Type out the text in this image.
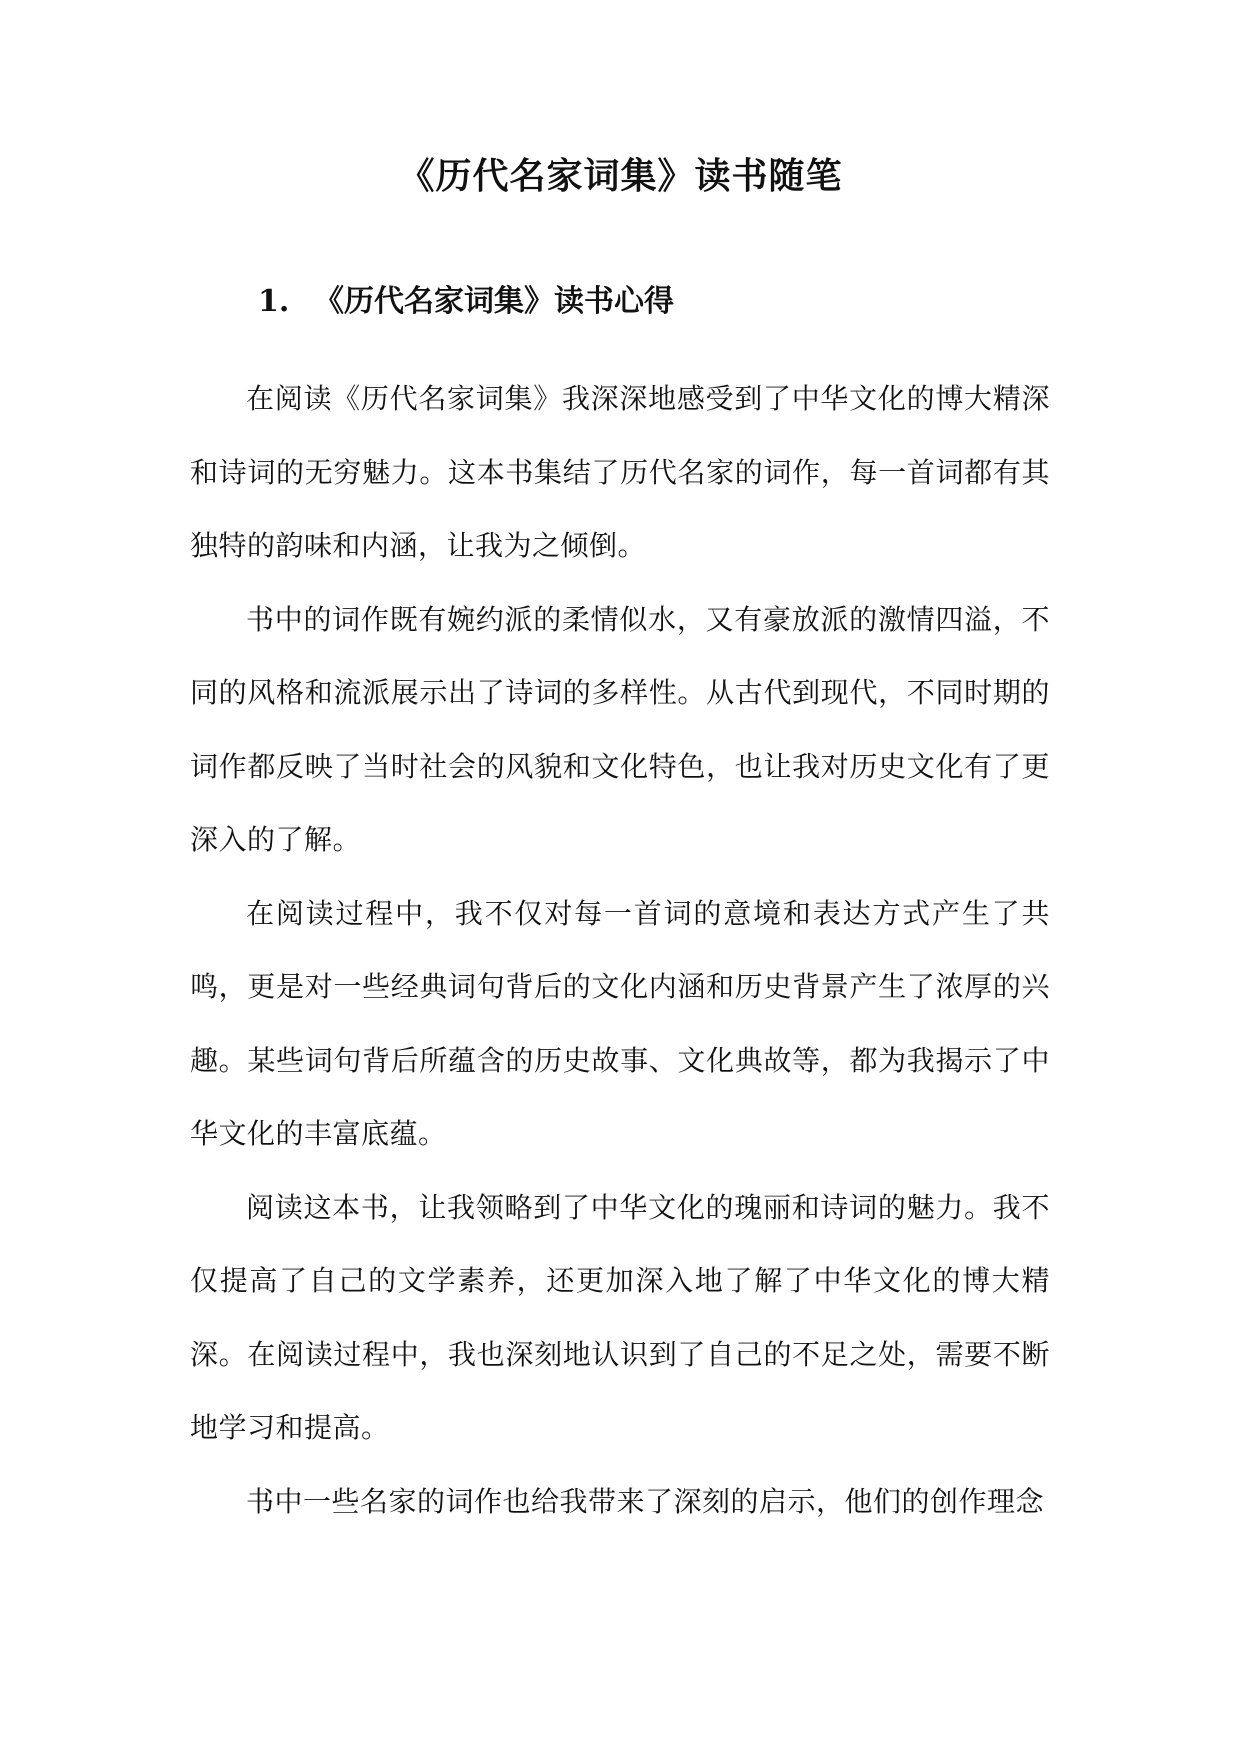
《历代名家词集》读书随笔
1. 《历代名家词集》读书心得

在阅读《历代名家词集》我深深地感受到了中华文化的博大精深和诗词的无穷魅力。这本书集结了历代名家的词作，每一首词都有其独特的韵味和内涵，让我为之倾倒。

书中的词作既有婉约派的柔情似水，又有豪放派的激情四溢，不同的风格和流派展示出了诗词的多样性。从古代到现代，不同时期的词作都反映了当时社会的风貌和文化特色，也让我对历史文化有了更深入的了解。

在阅读过程中，我不仅对每一首词的意境和表达方式产生了共鸣，更是对一些经典词句背后的文化内涵和历史背景产生了浓厚的兴趣。某些词句背后所蕴含的历史故事、文化典故等，都为我揭示了中华文化的丰富底蕴。

阅读这本书，让我领略到了中华文化的瑰丽和诗词的魅力。我不仅提高了自己的文学素养，还更加深入地了解了中华文化的博大精深。在阅读过程中，我也深刻地认识到了自己的不足之处，需要不断地学习和提高。

书中一些名家的词作也给我带来了深刻的启示，他们的创作理念
